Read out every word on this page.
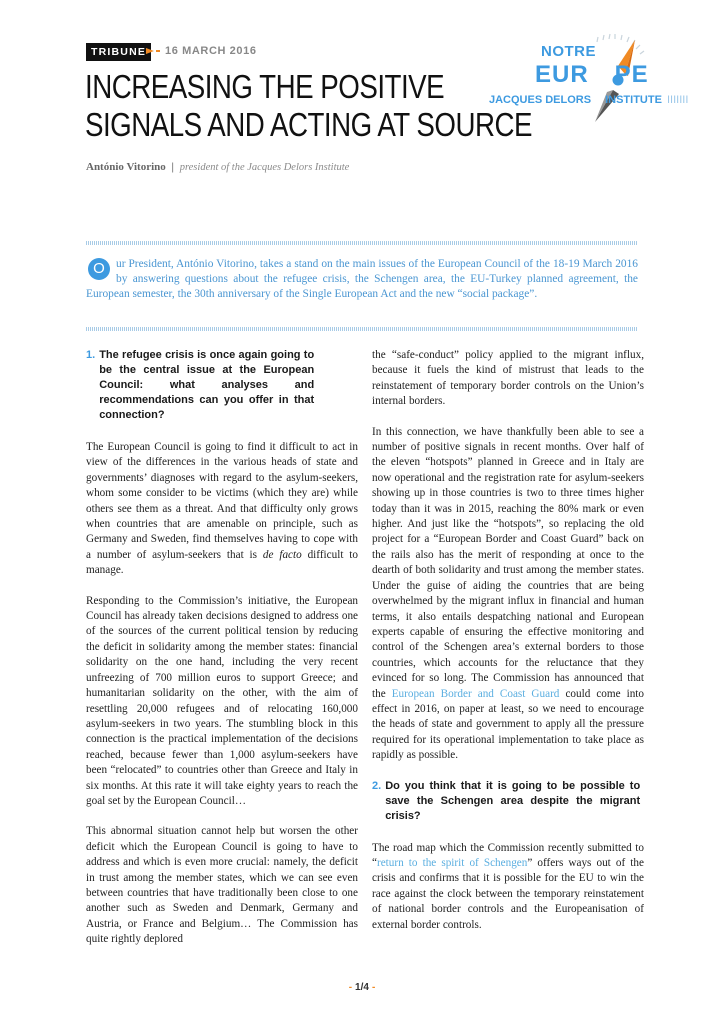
TRIBUNE	16 MARCH 2016
INCREASING THE POSITIVE
SIGNALS AND ACTING AT SOURCE
António Vitorino | president of the Jacques Delors Institute
NOTRE
EUR PE
JACQUES DELORS INSTITUTE IIIIIII
O ur President, António Vitorino, takes a stand on the main issues of the European Council of the 18-19 March 2016 by answering questions about the refugee crisis, the Schengen area, the EU-Turkey planned agreement, the European semester, the 30th anniversary of the Single European Act and the new “social package”.
1. The refugee crisis is once again going to be the central issue at the European Council: what analyses and recommendations can you offer in that connection?

The European Council is going to find it difficult to act in view of the differences in the various heads of state and governments’ diagnoses with regard to the asylum-seekers, whom some consider to be victims (which they are) while others see them as a threat. And that difficulty only grows when countries that are amenable on principle, such as Germany and Sweden, find themselves having to cope with a number of asylum-seekers that is de facto difficult to manage.

Responding to the Commission’s initiative, the European Council has already taken decisions designed to address one of the sources of the current political tension by reducing the deficit in solidarity among the member states: financial solidarity on the one hand, including the very recent unfreezing of 700 million euros to support Greece; and humanitarian solidarity on the other, with the aim of resettling 20,000 refugees and of relocating 160,000 asylum-seekers in two years. The stumbling block in this connection is the practical implementation of the decisions reached, because fewer than 1,000 asylum-seekers have been “relocated” to countries other than Greece and Italy in six months. At this rate it will take eighty years to reach the goal set by the European Council…

This abnormal situation cannot help but worsen the other deficit which the European Council is going to have to address and which is even more crucial: namely, the deficit in trust among the member states, which we can see even between countries that have traditionally been close to one another such as Sweden and Denmark, Germany and Austria, or France and Belgium… The Commission has quite rightly deplored

the “safe-conduct” policy applied to the migrant influx, because it fuels the kind of mistrust that leads to the reinstatement of temporary border controls on the Union’s internal borders.

In this connection, we have thankfully been able to see a number of positive signals in recent months. Over half of the eleven “hotspots” planned in Greece and in Italy are now operational and the registration rate for asylum-seekers showing up in those countries is two to three times higher today than it was in 2015, reaching the 80% mark or even higher. And just like the “hotspots”, so replacing the old project for a “European Border and Coast Guard” back on the rails also has the merit of responding at once to the dearth of both solidarity and trust among the member states. Under the guise of aiding the countries that are being overwhelmed by the migrant influx in financial and human terms, it also entails despatching national and European experts capable of ensuring the effective monitoring and control of the Schengen area’s external borders to those countries, which accounts for the reluctance that they evinced for so long. The Commission has announced that the European Border and Coast Guard could come into effect in 2016, on paper at least, so we need to encourage the heads of state and government to apply all the pressure required for its operational implementation to take place as rapidly as possible.

2. Do you think that it is going to be possible to save the Schengen area despite the migrant crisis?

The road map which the Commission recently submitted to “return to the spirit of Schengen” offers ways out of the crisis and confirms that it is possible for the EU to win the race against the clock between the temporary reinstatement of national border controls and the Europeanisation of external border controls.

- 1/4 -
